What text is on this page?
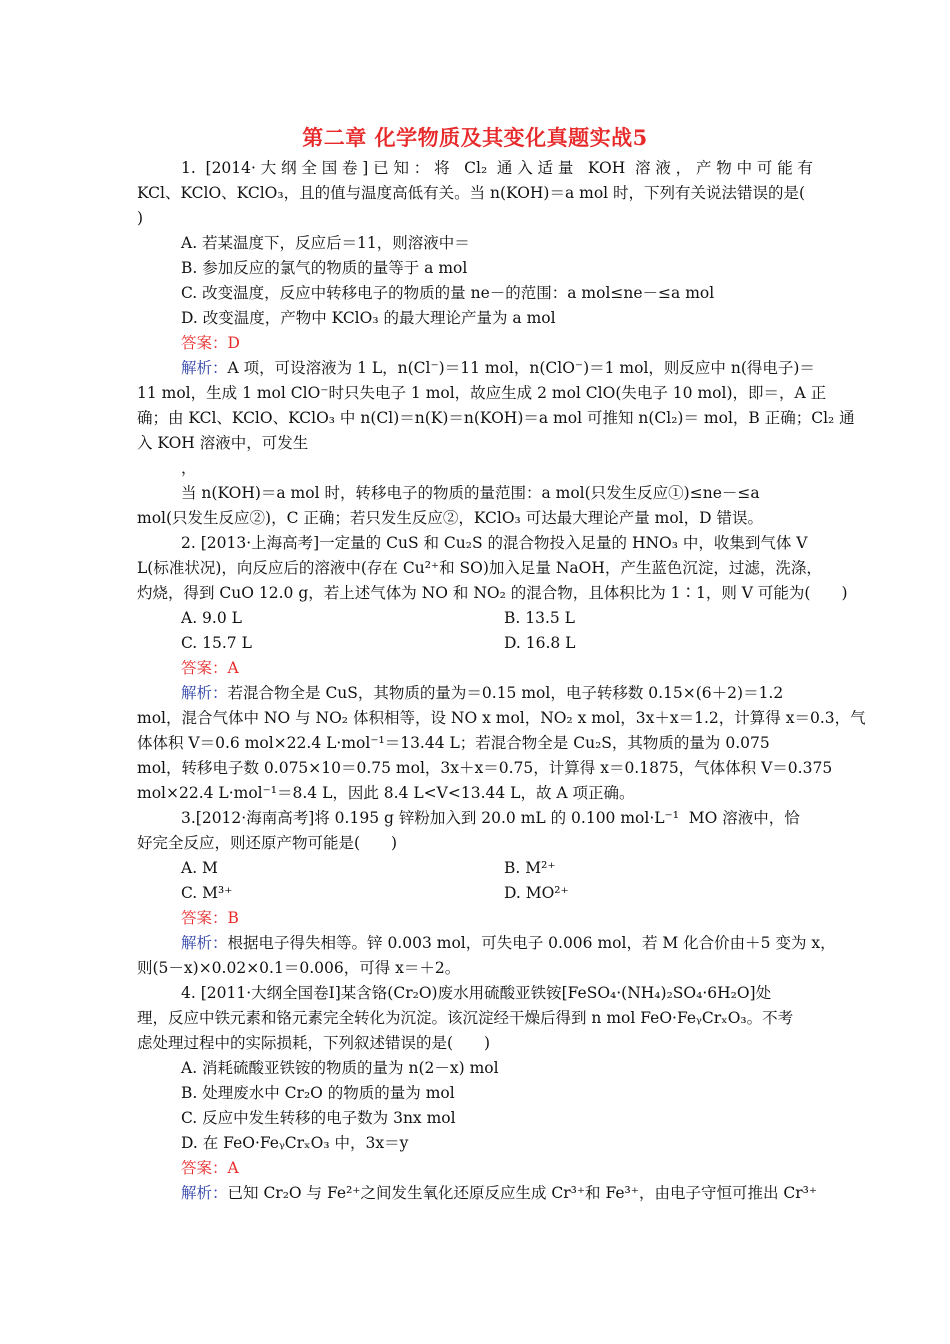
第二章 化学物质及其变化真题实战5
1. [2014·大纲全国卷]已知：将 Cl₂ 通入适量 KOH 溶液，产物中可能有
KCl、KClO、KClO₃，且的值与温度高低有关。当 n(KOH)＝a mol 时，下列有关说法错误的是(
)
A. 若某温度下，反应后＝11，则溶液中＝
B. 参加反应的氯气的物质的量等于 a mol
C. 改变温度，反应中转移电子的物质的量 ne－的范围：a mol≤ne－≤a mol
D. 改变温度，产物中 KClO₃ 的最大理论产量为 a mol
答案：D
解析：A 项，可设溶液为 1 L，n(Cl⁻)＝11 mol，n(ClO⁻)＝1 mol，则反应中 n(得电子)＝
11 mol，生成 1 mol ClO⁻时只失电子 1 mol，故应生成 2 mol ClO(失电子 10 mol)，即＝，A 正
确；由 KCl、KClO、KClO₃ 中 n(Cl)＝n(K)＝n(KOH)＝a mol 可推知 n(Cl₂)＝ mol，B 正确；Cl₂ 通
入 KOH 溶液中，可发生
，
当 n(KOH)＝a mol 时，转移电子的物质的量范围：a mol(只发生反应①)≤ne－≤a
mol(只发生反应②)，C 正确；若只发生反应②，KClO₃ 可达最大理论产量 mol，D 错误。
2. [2013·上海高考]一定量的 CuS 和 Cu₂S 的混合物投入足量的 HNO₃ 中，收集到气体 V
L(标准状况)，向反应后的溶液中(存在 Cu²⁺和 SO)加入足量 NaOH，产生蓝色沉淀，过滤，洗涤，
灼烧，得到 CuO 12.0 g，若上述气体为 NO 和 NO₂ 的混合物，且体积比为 1∶1，则 V 可能为(　　)
A. 9.0 L	B. 13.5 L
C. 15.7 L	D. 16.8 L
答案：A
解析：若混合物全是 CuS，其物质的量为＝0.15 mol，电子转移数 0.15×(6＋2)＝1.2
mol，混合气体中 NO 与 NO₂ 体积相等，设 NO x mol，NO₂ x mol，3x＋x＝1.2，计算得 x＝0.3，气
体体积 V＝0.6 mol×22.4 L·mol⁻¹＝13.44 L；若混合物全是 Cu₂S，其物质的量为 0.075
mol，转移电子数 0.075×10＝0.75 mol，3x＋x＝0.75，计算得 x＝0.1875，气体体积 V＝0.375
mol×22.4 L·mol⁻¹＝8.4 L，因此 8.4 L<V<13.44 L，故 A 项正确。
3.[2012·海南高考]将 0.195 g 锌粉加入到 20.0 mL 的 0.100 mol·L⁻¹  MO 溶液中，恰
好完全反应，则还原产物可能是(　　)
A. M	B. M²⁺
C. M³⁺	D. MO²⁺
答案：B
解析：根据电子得失相等。锌 0.003 mol，可失电子 0.006 mol，若 M 化合价由＋5 变为 x，
则(5－x)×0.02×0.1＝0.006，可得 x＝＋2。
4. [2011·大纲全国卷Ⅰ]某含铬(Cr₂O)废水用硫酸亚铁铵[FeSO₄·(NH₄)₂SO₄·6H₂O]处
理，反应中铁元素和铬元素完全转化为沉淀。该沉淀经干燥后得到 n mol FeO·FeᵧCrₓO₃。不考
虑处理过程中的实际损耗，下列叙述错误的是(　　)
A. 消耗硫酸亚铁铵的物质的量为 n(2－x) mol
B. 处理废水中 Cr₂O 的物质的量为 mol
C. 反应中发生转移的电子数为 3nx mol
D. 在 FeO·FeᵧCrₓO₃ 中，3x＝y
答案：A
解析：已知 Cr₂O 与 Fe²⁺之间发生氧化还原反应生成 Cr³⁺和 Fe³⁺，由电子守恒可推出 Cr³⁺
